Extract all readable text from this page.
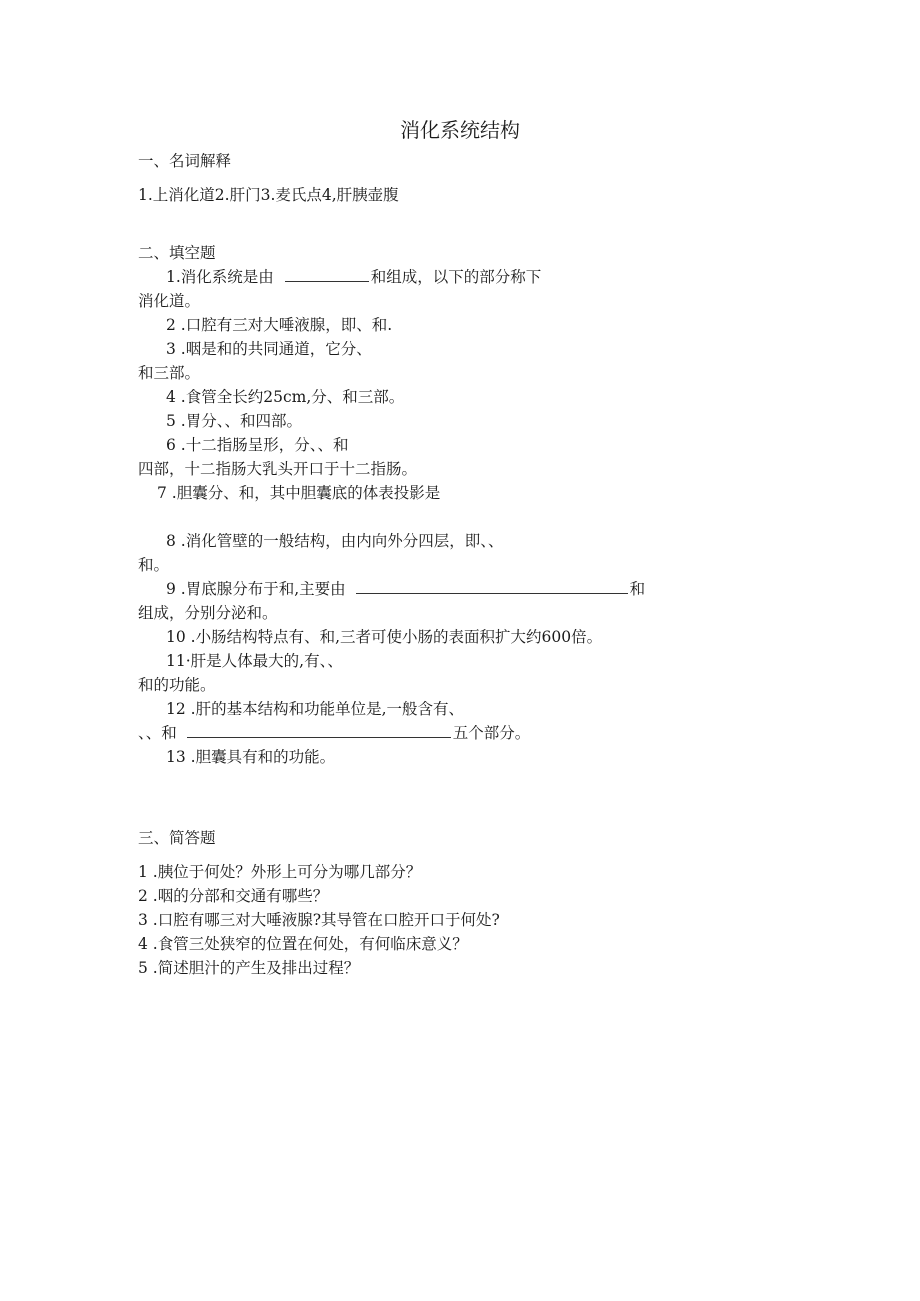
消化系统结构
一、名词解释
1.上消化道2.肝门3.麦氏点4,肝胰壶腹
二、填空题
1.消化系统是由	和组成，以下的部分称下
消化道。
2 .口腔有三对大唾液腺，即、和.
3 .咽是和的共同通道，它分、
和三部。
4 .食管全长约25cm,分、和三部。
5 .胃分、、和四部。
6 .十二指肠呈形，分、、和
四部，十二指肠大乳头开口于十二指肠。
7 .胆囊分、和，其中胆囊底的体表投影是
8 .消化管壁的一般结构，由内向外分四层，即、、
和。
9 .胃底腺分布于和,主要由	和
组成，分别分泌和。
10 .小肠结构特点有、和,三者可使小肠的表面积扩大约600倍。
11·肝是人体最大的,有、、
和的功能。
12 .肝的基本结构和功能单位是,一般含有、
、、和	五个部分。
13 .胆囊具有和的功能。
三、简答题
1 .胰位于何处？外形上可分为哪几部分？
2 .咽的分部和交通有哪些？
3 .口腔有哪三对大唾液腺?其导管在口腔开口于何处?
4 .食管三处狭窄的位置在何处，有何临床意义？
5 .简述胆汁的产生及排出过程？
